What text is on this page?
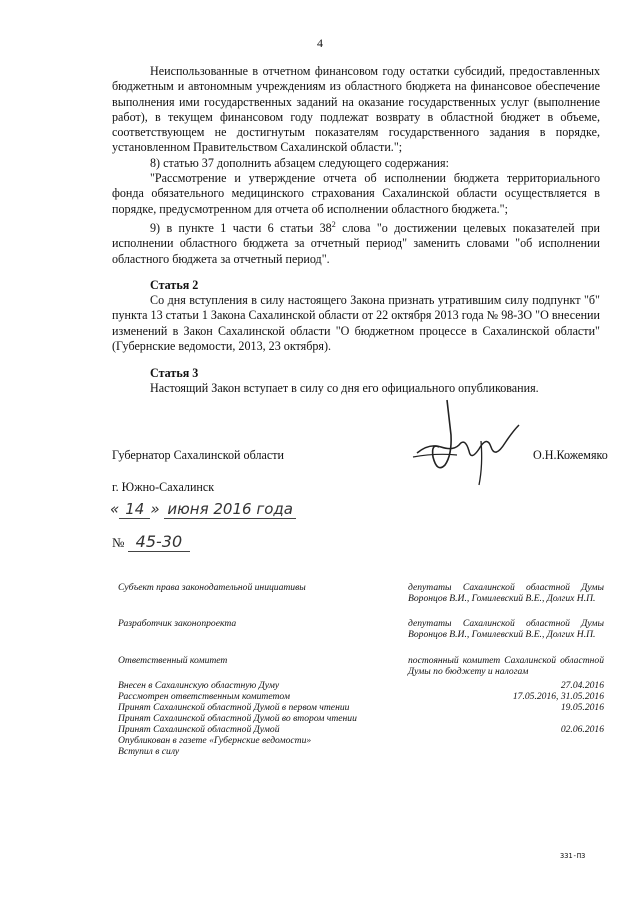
4
Неиспользованные в отчетном финансовом году остатки субсидий, предоставленных бюджетным и автономным учреждениям из областного бюджета на финансовое обеспечение выполнения ими государственных заданий на оказание государственных услуг (выполнение работ), в текущем финансовом году подлежат возврату в областной бюджет в объеме, соответствующем не достигнутым показателям государственного задания в порядке, установленном Правительством Сахалинской области.";
8) статью 37 дополнить абзацем следующего содержания:
"Рассмотрение и утверждение отчета об исполнении бюджета территориального фонда обязательного медицинского страхования Сахалинской области осуществляется в порядке, предусмотренном для отчета об исполнении областного бюджета.";
9) в пункте 1 части 6 статьи $38^2$ слова "о достижении целевых показателей при исполнении областного бюджета за отчетный период" заменить словами "об исполнении областного бюджета за отчетный период".
Статья 2
Со дня вступления в силу настоящего Закона признать утратившим силу подпункт "б" пункта 13 статьи 1 Закона Сахалинской области от 22 октября 2013 года № 98-ЗО "О внесении изменений в Закон Сахалинской области "О бюджетном процессе в Сахалинской области" (Губернские ведомости, 2013, 23 октября).
Статья 3
Настоящий Закон вступает в силу со дня его официального опубликования.
Губернатор Сахалинской области	О.Н.Кожемяко
г. Южно-Сахалинск
« 14 » июня 2016 года
№ 45-30
Субъект права законодательной инициативы	депутаты Сахалинской областной Думы Воронцов В.И., Гомилевский В.Е., Долгих Н.П.
Разработчик законопроекта	депутаты Сахалинской областной Думы Воронцов В.И., Гомилевский В.Е., Долгих Н.П.
Ответственный комитет	постоянный комитет Сахалинской областной Думы по бюджету и налогам
Внесен в Сахалинскую областную Думу	27.04.2016
Рассмотрен ответственным комитетом	17.05.2016, 31.05.2016
Принят Сахалинской областной Думой в первом чтении	19.05.2016
Принят Сахалинской областной Думой во втором чтении
Принят Сахалинской областной Думой	02.06.2016
Опубликован в газете «Губернские ведомости»
Вступил в силу
331-ПЗ
